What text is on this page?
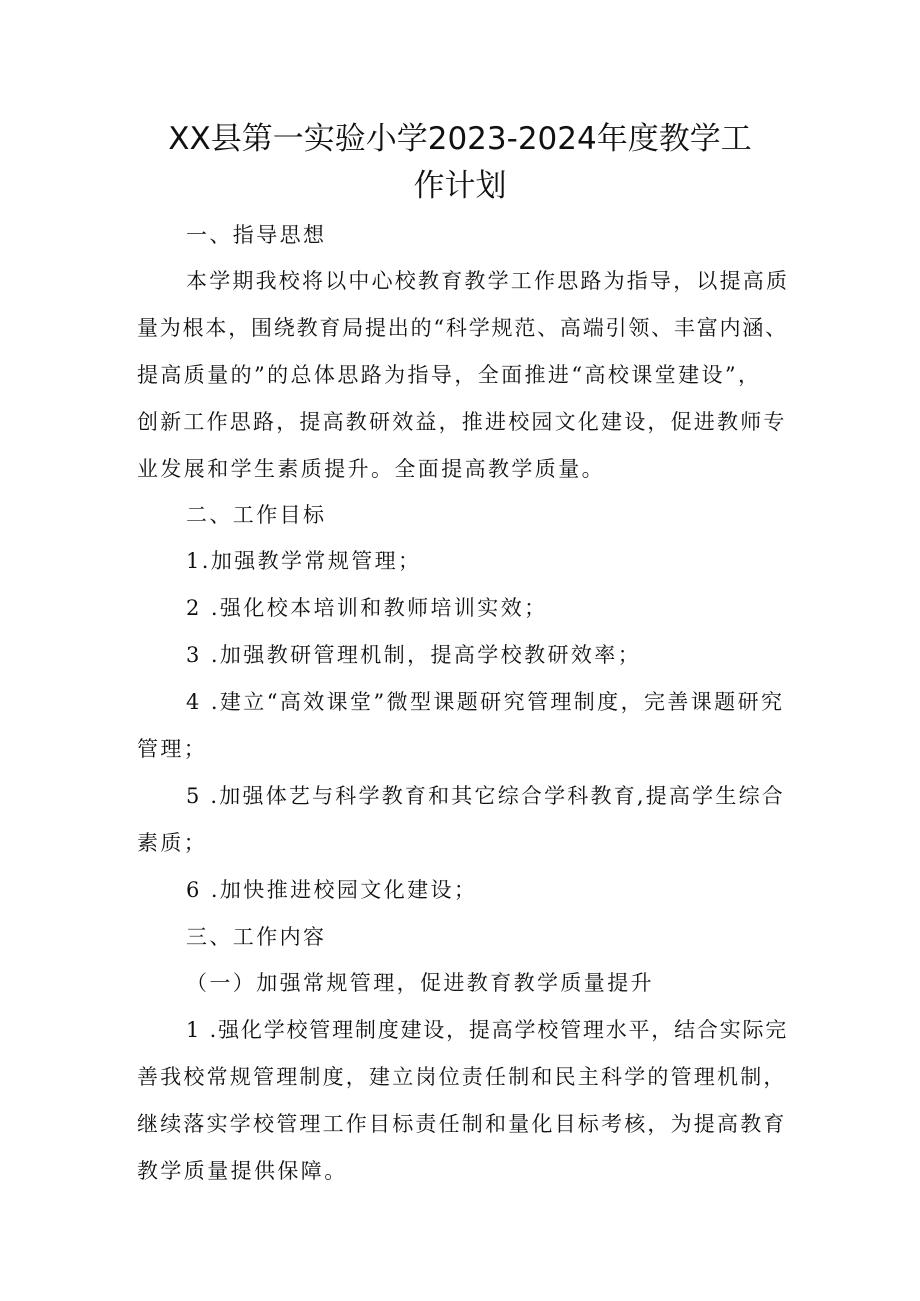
XX县第一实验小学2023-2024年度教学工
作计划
一、指导思想
本学期我校将以中心校教育教学工作思路为指导，以提高质
量为根本，围绕教育局提出的“科学规范、高端引领、丰富内涵、
提高质量的”的总体思路为指导，全面推进“高校课堂建设”，
创新工作思路，提高教研效益，推进校园文化建设，促进教师专
业发展和学生素质提升。全面提高教学质量。
二、工作目标
1.加强教学常规管理；
2 .强化校本培训和教师培训实效；
3 .加强教研管理机制，提高学校教研效率；
4 .建立“高效课堂”微型课题研究管理制度，完善课题研究
管理；
5 .加强体艺与科学教育和其它综合学科教育,提高学生综合
素质；
6 .加快推进校园文化建设；
三、工作内容
（一）加强常规管理，促进教育教学质量提升
1 .强化学校管理制度建设，提高学校管理水平，结合实际完
善我校常规管理制度，建立岗位责任制和民主科学的管理机制，
继续落实学校管理工作目标责任制和量化目标考核，为提高教育
教学质量提供保障。
